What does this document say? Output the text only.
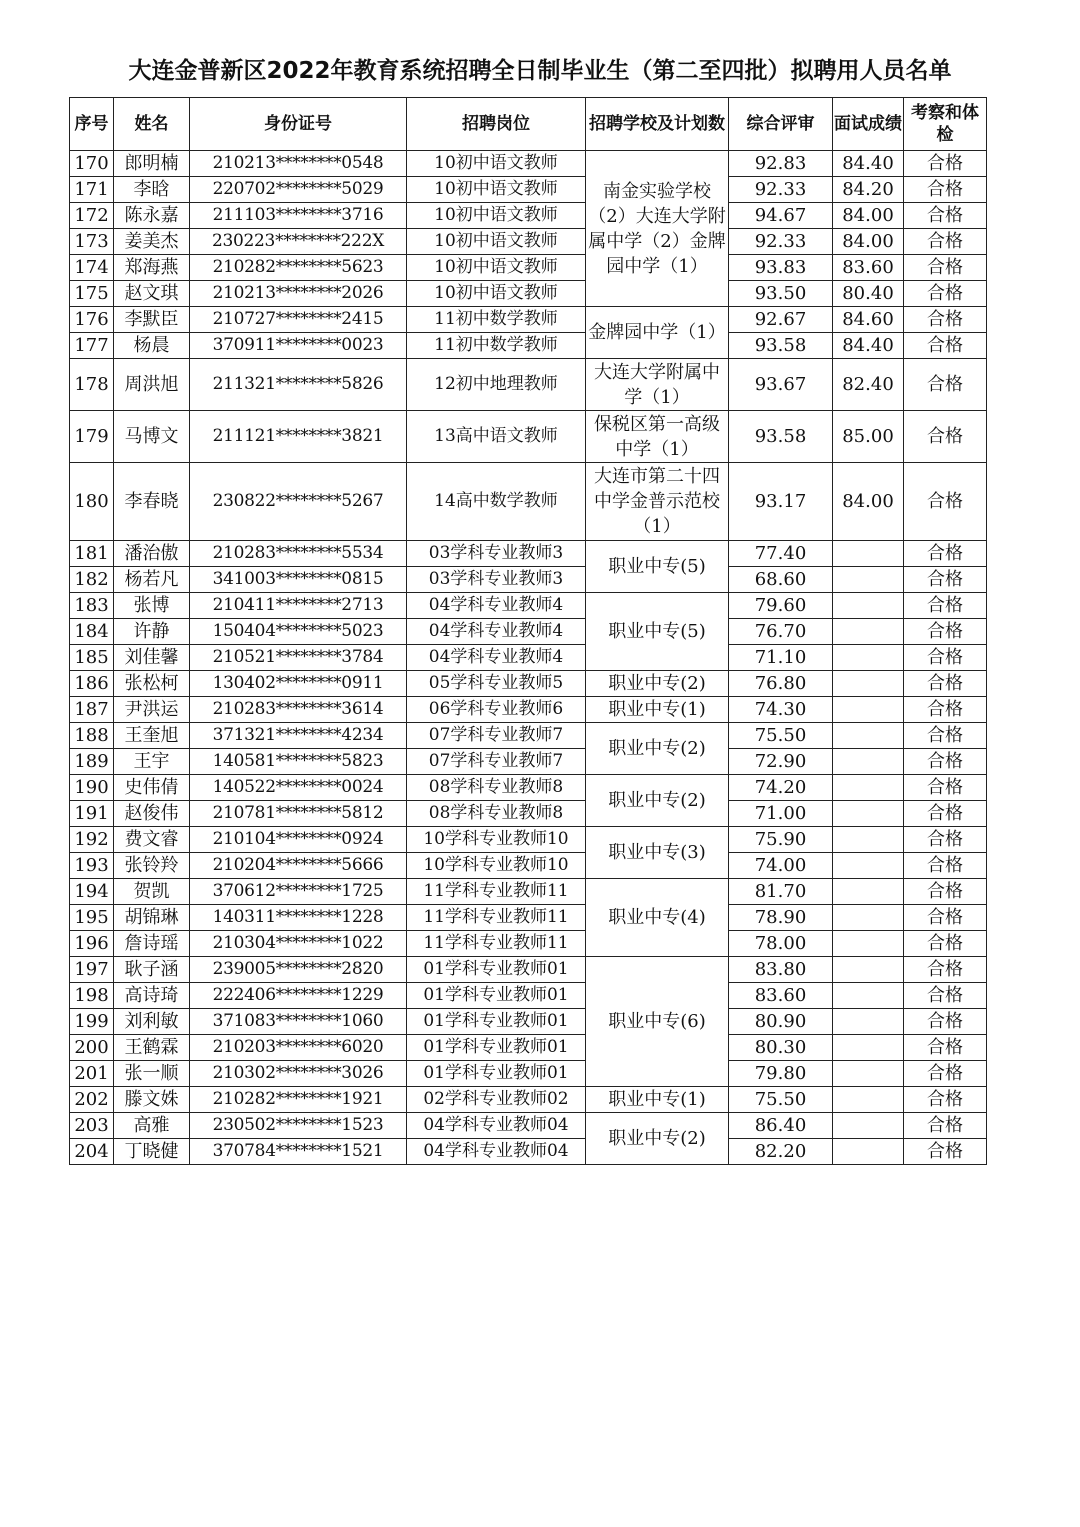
大连金普新区2022年教育系统招聘全日制毕业生（第二至四批）拟聘用人员名单
序号	姓名	身份证号	招聘岗位	招聘学校及计划数	综合评审	面试成绩	考察和体检
170	郎明楠	210213********0548	10初中语文教师	南金实验学校（2）大连大学附属中学（2）金牌园中学（1）	92.83	84.40	合格
171	李晗	220702********5029	10初中语文教师		92.33	84.20	合格
172	陈永嘉	211103********3716	10初中语文教师		94.67	84.00	合格
173	姜美杰	230223********222X	10初中语文教师		92.33	84.00	合格
174	郑海燕	210282********5623	10初中语文教师		93.83	83.60	合格
175	赵文琪	210213********2026	10初中语文教师		93.50	80.40	合格
176	李默臣	210727********2415	11初中数学教师	金牌园中学（1）	92.67	84.60	合格
177	杨晨	370911********0023	11初中数学教师		93.58	84.40	合格
178	周洪旭	211321********5826	12初中地理教师	大连大学附属中学（1）	93.67	82.40	合格
179	马博文	211121********3821	13高中语文教师	保税区第一高级中学（1）	93.58	85.00	合格
180	李春晓	230822********5267	14高中数学教师	大连市第二十四中学金普示范校（1）	93.17	84.00	合格
181	潘治傲	210283********5534	03学科专业教师3	职业中专(5)	77.40		合格
182	杨若凡	341003********0815	03学科专业教师3		68.60		合格
183	张博	210411********2713	04学科专业教师4	职业中专(5)	79.60		合格
184	许静	150404********5023	04学科专业教师4		76.70		合格
185	刘佳馨	210521********3784	04学科专业教师4		71.10		合格
186	张松柯	130402********0911	05学科专业教师5	职业中专(2)	76.80		合格
187	尹洪运	210283********3614	06学科专业教师6	职业中专(1)	74.30		合格
188	王奎旭	371321********4234	07学科专业教师7	职业中专(2)	75.50		合格
189	王宇	140581********5823	07学科专业教师7		72.90		合格
190	史伟倩	140522********0024	08学科专业教师8	职业中专(2)	74.20		合格
191	赵俊伟	210781********5812	08学科专业教师8		71.00		合格
192	费文睿	210104********0924	10学科专业教师10	职业中专(3)	75.90		合格
193	张铃羚	210204********5666	10学科专业教师10		74.00		合格
194	贺凯	370612********1725	11学科专业教师11	职业中专(4)	81.70		合格
195	胡锦琳	140311********1228	11学科专业教师11		78.90		合格
196	詹诗瑶	210304********1022	11学科专业教师11		78.00		合格
197	耿子涵	239005********2820	01学科专业教师01	职业中专(6)	83.80		合格
198	高诗琦	222406********1229	01学科专业教师01		83.60		合格
199	刘利敏	371083********1060	01学科专业教师01		80.90		合格
200	王鹤霖	210203********6020	01学科专业教师01		80.30		合格
201	张一顺	210302********3026	01学科专业教师01		79.80		合格
202	滕文姝	210282********1921	02学科专业教师02	职业中专(1)	75.50		合格
203	高雅	230502********1523	04学科专业教师04	职业中专(2)	86.40		合格
204	丁晓健	370784********1521	04学科专业教师04		82.20		合格
